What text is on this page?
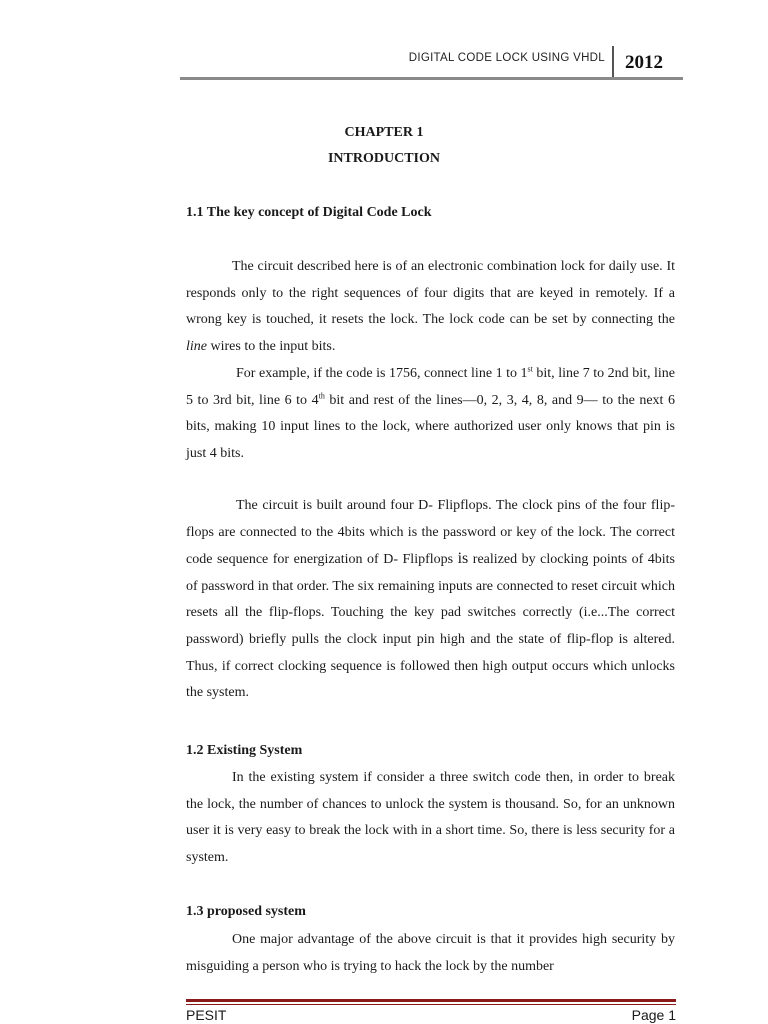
DIGITAL CODE LOCK USING VHDL 2012
CHAPTER 1
INTRODUCTION
1.1 The key concept of Digital Code Lock
The circuit described here is of an electronic combination lock for daily use. It responds only to the right sequences of four digits that are keyed in remotely. If a wrong key is touched, it resets the lock. The lock code can be set by connecting the line wires to the input bits.
For example, if the code is 1756, connect line 1 to 1st bit, line 7 to 2nd bit, line 5 to 3rd bit, line 6 to 4th bit and rest of the lines—0, 2, 3, 4, 8, and 9— to the next 6 bits, making 10 input lines to the lock, where authorized user only knows that pin is just 4 bits.
The circuit is built around four D- Flipflops. The clock pins of the four flip-flops are connected to the 4bits which is the password or key of the lock. The correct code sequence for energization of D- Flipflops is realized by clocking points of 4bits of password in that order. The six remaining inputs are connected to reset circuit which resets all the flip-flops. Touching the key pad switches correctly (i.e...The correct password) briefly pulls the clock input pin high and the state of flip-flop is altered. Thus, if correct clocking sequence is followed then high output occurs which unlocks the system.
1.2 Existing System
In the existing system if consider a three switch code then, in order to break the lock, the number of chances to unlock the system is thousand. So, for an unknown user it is very easy to break the lock with in a short time. So, there is less security for a system.
1.3 proposed system
One major advantage of the above circuit is that it provides high security by misguiding a person who is trying to hack the lock by the number
PESIT	Page 1
